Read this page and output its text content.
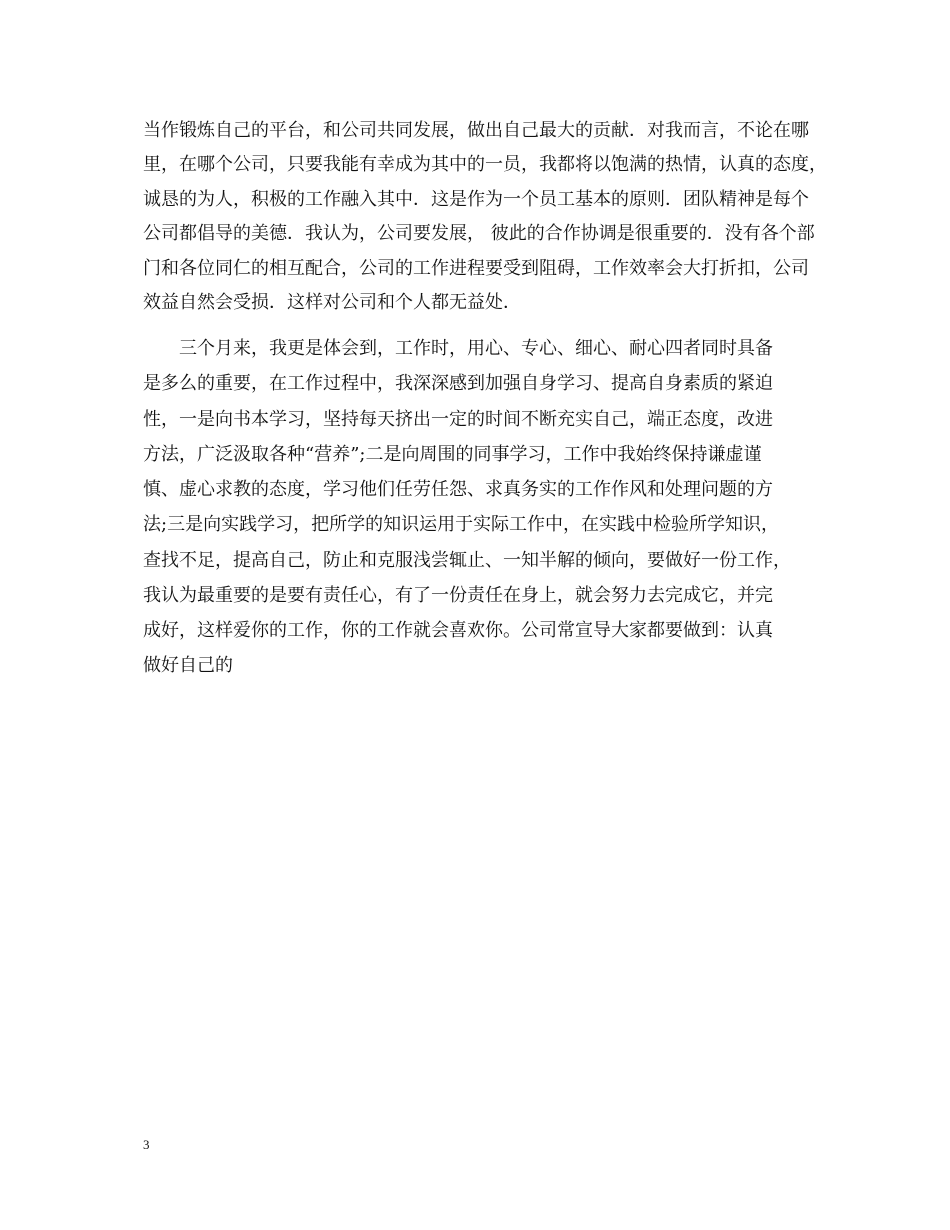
当作锻炼自己的平台，和公司共同发展，做出自己最大的贡献．对我而言，不论在哪
里，在哪个公司，只要我能有幸成为其中的一员，我都将以饱满的热情，认真的态度，
诚恳的为人，积极的工作融入其中．这是作为一个员工基本的原则．团队精神是每个
公司都倡导的美德．我认为，公司要发展， 彼此的合作协调是很重要的．没有各个部
门和各位同仁的相互配合，公司的工作进程要受到阻碍，工作效率会大打折扣，公司
效益自然会受损．这样对公司和个人都无益处．
三个月来，我更是体会到，工作时，用心、专心、细心、耐心四者同时具备
是多么的重要，在工作过程中，我深深感到加强自身学习、提高自身素质的紧迫
性，一是向书本学习，坚持每天挤出一定的时间不断充实自己，端正态度，改进
方法，广泛汲取各种“营养”;二是向周围的同事学习，工作中我始终保持谦虚谨
慎、虚心求教的态度，学习他们任劳任怨、求真务实的工作作风和处理问题的方
法;三是向实践学习，把所学的知识运用于实际工作中，在实践中检验所学知识，
查找不足，提高自己，防止和克服浅尝辄止、一知半解的倾向，要做好一份工作，
我认为最重要的是要有责任心，有了一份责任在身上，就会努力去完成它，并完
成好，这样爱你的工作，你的工作就会喜欢你。公司常宣导大家都要做到：认真
做好自己的
3
